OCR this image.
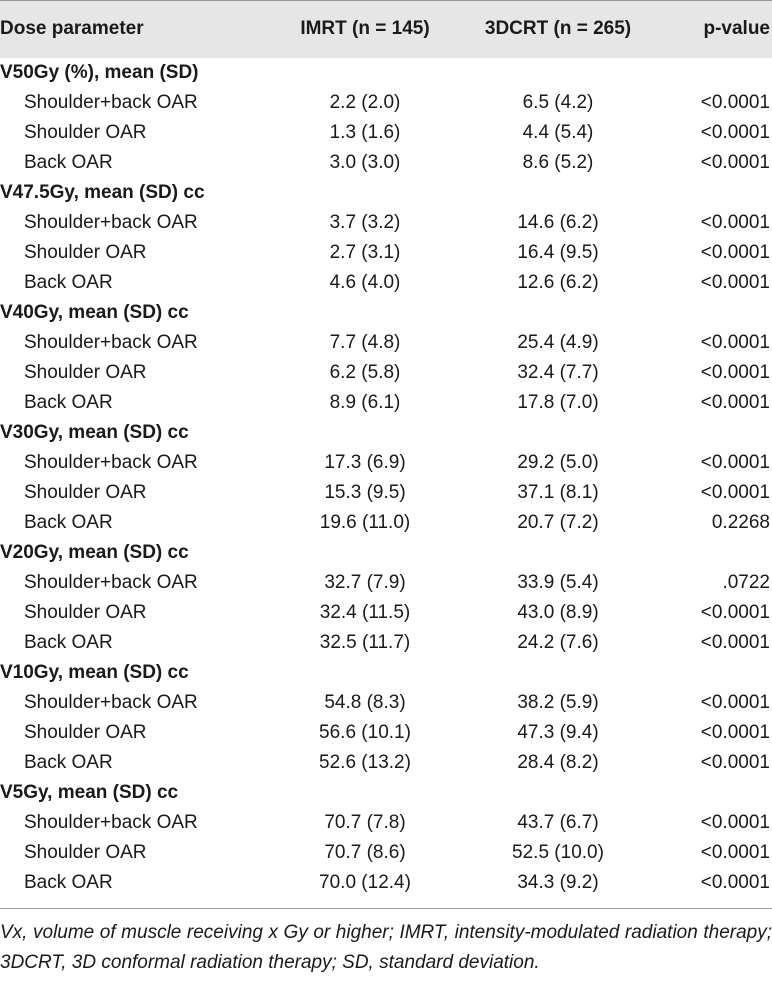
Dose parameter	IMRT (n = 145)	3DCRT (n = 265)	p-value
V50Gy (%), mean (SD)			
Shoulder+back OAR	2.2 (2.0)	6.5 (4.2)	<0.0001
Shoulder OAR	1.3 (1.6)	4.4 (5.4)	<0.0001
Back OAR	3.0 (3.0)	8.6 (5.2)	<0.0001
V47.5Gy, mean (SD) cc			
Shoulder+back OAR	3.7 (3.2)	14.6 (6.2)	<0.0001
Shoulder OAR	2.7 (3.1)	16.4 (9.5)	<0.0001
Back OAR	4.6 (4.0)	12.6 (6.2)	<0.0001
V40Gy, mean (SD) cc			
Shoulder+back OAR	7.7 (4.8)	25.4 (4.9)	<0.0001
Shoulder OAR	6.2 (5.8)	32.4 (7.7)	<0.0001
Back OAR	8.9 (6.1)	17.8 (7.0)	<0.0001
V30Gy, mean (SD) cc			
Shoulder+back OAR	17.3 (6.9)	29.2 (5.0)	<0.0001
Shoulder OAR	15.3 (9.5)	37.1 (8.1)	<0.0001
Back OAR	19.6 (11.0)	20.7 (7.2)	0.2268
V20Gy, mean (SD) cc			
Shoulder+back OAR	32.7 (7.9)	33.9 (5.4)	.0722
Shoulder OAR	32.4 (11.5)	43.0 (8.9)	<0.0001
Back OAR	32.5 (11.7)	24.2 (7.6)	<0.0001
V10Gy, mean (SD) cc			
Shoulder+back OAR	54.8 (8.3)	38.2 (5.9)	<0.0001
Shoulder OAR	56.6 (10.1)	47.3 (9.4)	<0.0001
Back OAR	52.6 (13.2)	28.4 (8.2)	<0.0001
V5Gy, mean (SD) cc			
Shoulder+back OAR	70.7 (7.8)	43.7 (6.7)	<0.0001
Shoulder OAR	70.7 (8.6)	52.5 (10.0)	<0.0001
Back OAR	70.0 (12.4)	34.3 (9.2)	<0.0001
Vx, volume of muscle receiving x Gy or higher; IMRT, intensity-modulated radiation therapy; 3DCRT, 3D conformal radiation therapy; SD, standard deviation.
